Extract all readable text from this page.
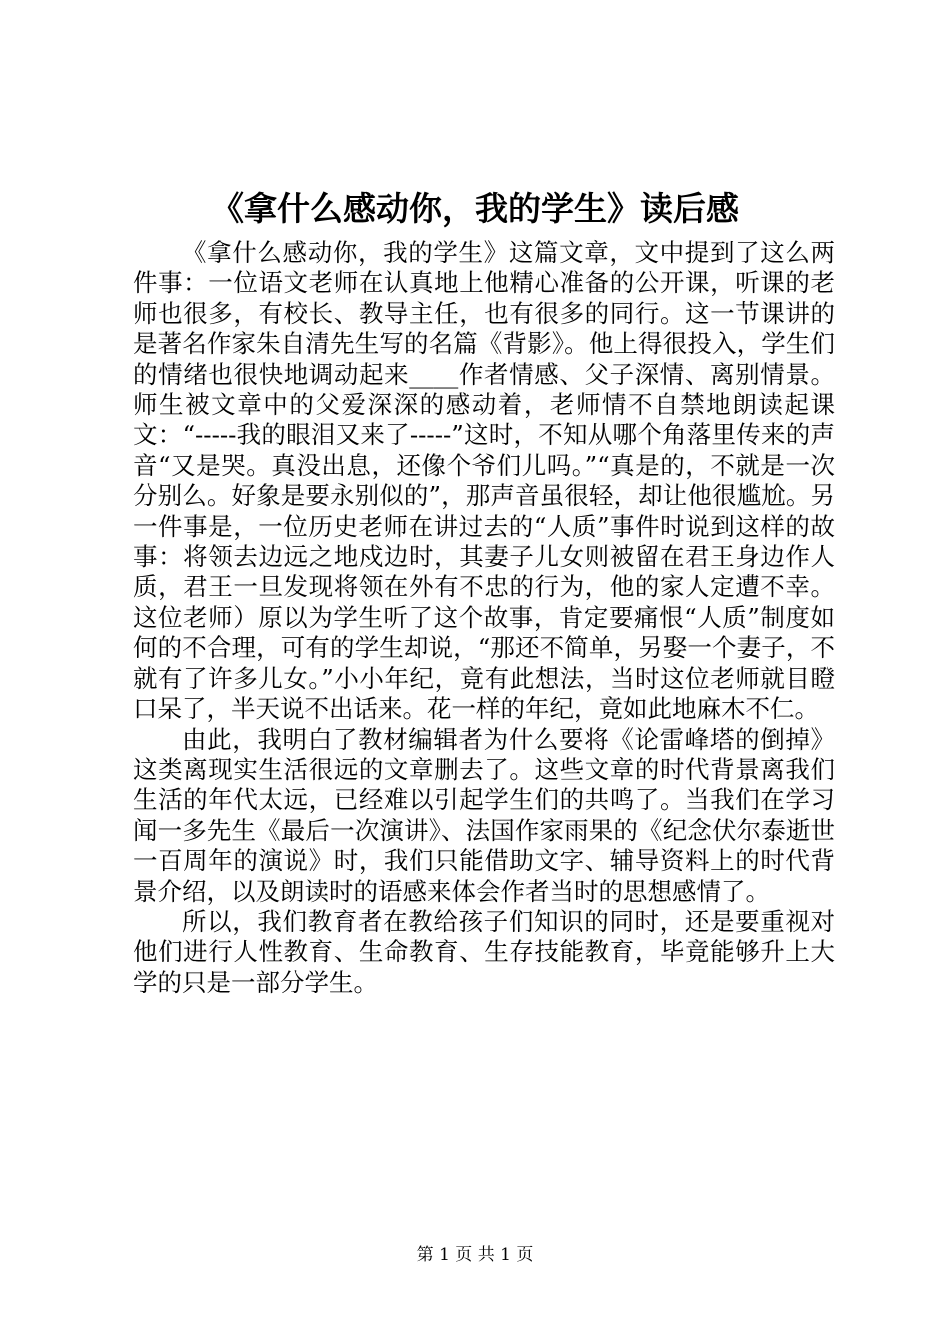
《拿什么感动你，我的学生》读后感

《拿什么感动你，我的学生》这篇文章，文中提到了这么两件事：一位语文老师在认真地上他精心准备的公开课，听课的老师也很多，有校长、教导主任，也有很多的同行。这一节课讲的是著名作家朱自清先生写的名篇《背影》。他上得很投入，学生们的情绪也很快地调动起来____作者情感、父子深情、离别情景。师生被文章中的父爱深深的感动着，老师情不自禁地朗读起课文：“-----我的眼泪又来了-----”这时，不知从哪个角落里传来的声音“又是哭。真没出息，还像个爷们儿吗。”“真是的，不就是一次分别么。好象是要永别似的”，那声音虽很轻，却让他很尴尬。另一件事是，一位历史老师在讲过去的“人质”事件时说到这样的故事：将领去边远之地戍边时，其妻子儿女则被留在君王身边作人质，君王一旦发现将领在外有不忠的行为，他的家人定遭不幸。这位老师）原以为学生听了这个故事，肯定要痛恨“人质”制度如何的不合理，可有的学生却说，“那还不简单，另娶一个妻子，不就有了许多儿女。”小小年纪，竟有此想法，当时这位老师就目瞪口呆了，半天说不出话来。花一样的年纪，竟如此地麻木不仁。

由此，我明白了教材编辑者为什么要将《论雷峰塔的倒掉》这类离现实生活很远的文章删去了。这些文章的时代背景离我们生活的年代太远，已经难以引起学生们的共鸣了。当我们在学习闻一多先生《最后一次演讲》、法国作家雨果的《纪念伏尔泰逝世一百周年的演说》时，我们只能借助文字、辅导资料上的时代背景介绍，以及朗读时的语感来体会作者当时的思想感情了。

所以，我们教育者在教给孩子们知识的同时，还是要重视对他们进行人性教育、生命教育、生存技能教育，毕竟能够升上大学的只是一部分学生。

第 1 页 共 1 页
